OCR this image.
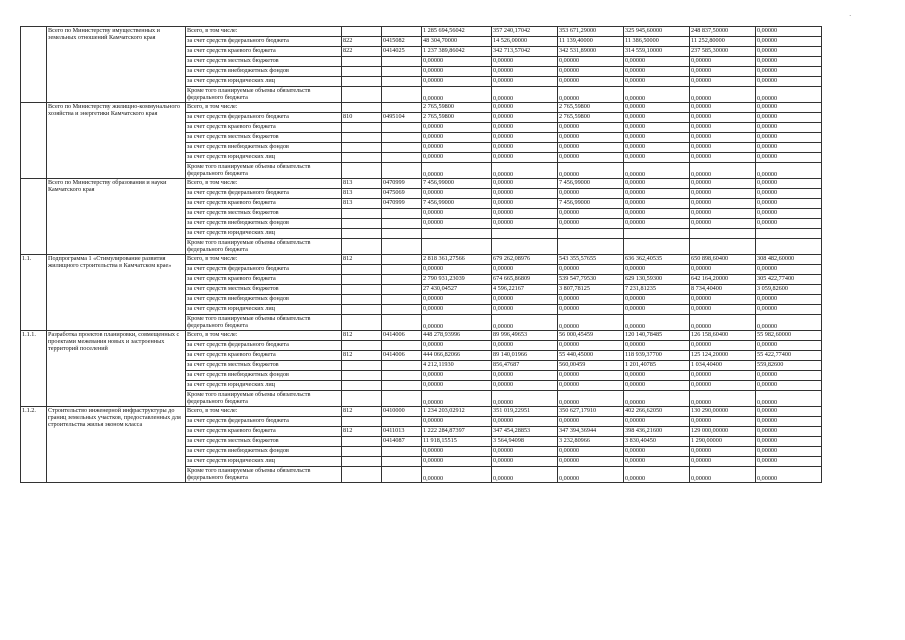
·
	Всего по Министерству имущественных и земельных отношений Камчатского края	Всего, в том числе:			1 285 694,56042	357 240,17042	353 671,29000	325 945,60000	248 837,50000	0,00000
		за счет средств федерального бюджета	822	0415082	48 304,70000	14 526,00000	11 139,40000	11 386,50000	11 252,80000	0,00000
		за счет средств краевого бюджета	822	0414025	1 237 389,86042	342 713,57042	342 531,89000	314 559,10000	237 585,30000	0,00000
		за счет средств местных бюджетов			0,00000	0,00000	0,00000	0,00000	0,00000	0,00000
		за счет средств внебюджетных фондов			0,00000	0,00000	0,00000	0,00000	0,00000	0,00000
		за счет средств юридических лиц			0,00000	0,00000	0,00000	0,00000	0,00000	0,00000
		Кроме того планируемые объемы обязательств федерального бюджета			0,00000	0,00000	0,00000	0,00000	0,00000	0,00000
	Всего по Министерству жилищно-коммунального хозяйства и энергетики Камчатского края	Всего, в том числе:			2 765,59800	0,00000	2 765,59800	0,00000	0,00000	0,00000
		за счет средств федерального бюджета	810	0495104	2 765,59800	0,00000	2 765,59800	0,00000	0,00000	0,00000
		за счет средств краевого бюджета			0,00000	0,00000	0,00000	0,00000	0,00000	0,00000
		за счет средств местных бюджетов			0,00000	0,00000	0,00000	0,00000	0,00000	0,00000
		за счет средств внебюджетных фондов			0,00000	0,00000	0,00000	0,00000	0,00000	0,00000
		за счет средств юридических лиц			0,00000	0,00000	0,00000	0,00000	0,00000	0,00000
		Кроме того планируемые объемы обязательств федерального бюджета			0,00000	0,00000	0,00000	0,00000	0,00000	0,00000
	Всего по Министерству образования и науки Камчатского края	Всего, в том числе:	813	0470999	7 456,99000	0,00000	7 456,99000	0,00000	0,00000	0,00000
		за счет средств федерального бюджета	813	0475069	0,00000	0,00000	0,00000	0,00000	0,00000	0,00000
		за счет средств краевого бюджета	813	0470999	7 456,99000	0,00000	7 456,99000	0,00000	0,00000	0,00000
		за счет средств местных бюджетов			0,00000	0,00000	0,00000	0,00000	0,00000	0,00000
		за счет средств внебюджетных фондов			0,00000	0,00000	0,00000	0,00000	0,00000	0,00000
		за счет средств юридических лиц								
		Кроме того планируемые объемы обязательств федерального бюджета								
1.1.	Подпрограмма 1 «Стимулирование развития жилищного строительства в Камчатском крае»	Всего, в том числе:	812		2 818 361,27566	679 262,08976	543 355,57655	636 362,40535	650 898,60400	308 482,60000
		за счет средств федерального бюджета			0,00000	0,00000	0,00000	0,00000	0,00000	0,00000
		за счет средств краевого бюджета			2 790 931,23039	674 665,86809	539 547,79530	629 130,59300	642 164,20000	305 422,77400
		за счет средств местных бюджетов			27 430,04527	4 596,22167	3 807,78125	7 231,81235	8 734,40400	3 059,82600
		за счет средств внебюджетных фондов			0,00000	0,00000	0,00000	0,00000	0,00000	0,00000
		за счет средств юридических лиц			0,00000	0,00000	0,00000	0,00000	0,00000	0,00000
		Кроме того планируемые объемы обязательств федерального бюджета			0,00000	0,00000	0,00000	0,00000	0,00000	0,00000
1.1.1.	Разработка проектов планировки, совмещенных с проектами межевания новых и застроенных территорий поселений	Всего, в том числе:	812	0414006	448 278,93996	89 996,49653	56 000,45459	120 140,78485	126 158,60400	55 982,60000
		за счет средств федерального бюджета			0,00000	0,00000	0,00000	0,00000	0,00000	0,00000
		за счет средств краевого бюджета	812	0414006	444 066,82066	89 140,01966	55 440,45000	118 939,37700	125 124,20000	55 422,77400
		за счет средств местных бюджетов			4 212,11930	856,47687	560,00459	1 201,40785	1 034,40400	559,82600
		за счет средств внебюджетных фондов			0,00000	0,00000	0,00000	0,00000	0,00000	0,00000
		за счет средств юридических лиц			0,00000	0,00000	0,00000	0,00000	0,00000	0,00000
		Кроме того планируемые объемы обязательств федерального бюджета			0,00000	0,00000	0,00000	0,00000	0,00000	0,00000
1.1.2.	Строительство инженерной инфраструктуры до границ земельных участков, предоставленных для строительства жилья эконом класса	Всего, в том числе:	812	0410000	1 234 203,02912	351 019,22951	350 627,17910	402 266,62050	130 290,00000	0,00000
		за счет средств федерального бюджета			0,00000	0,00000	0,00000	0,00000	0,00000	0,00000
		за счет средств краевого бюджета	812	0411013	1 222 284,87397	347 454,28853	347 394,36944	398 436,21600	129 000,00000	0,00000
		за счет средств местных бюджетов		0414087	11 918,15515	3 564,94098	3 232,80966	3 830,40450	1 290,00000	0,00000
		за счет средств внебюджетных фондов			0,00000	0,00000	0,00000	0,00000	0,00000	0,00000
		за счет средств юридических лиц			0,00000	0,00000	0,00000	0,00000	0,00000	0,00000
		Кроме того планируемые объемы обязательств федерального бюджета			0,00000	0,00000	0,00000	0,00000	0,00000	0,00000
